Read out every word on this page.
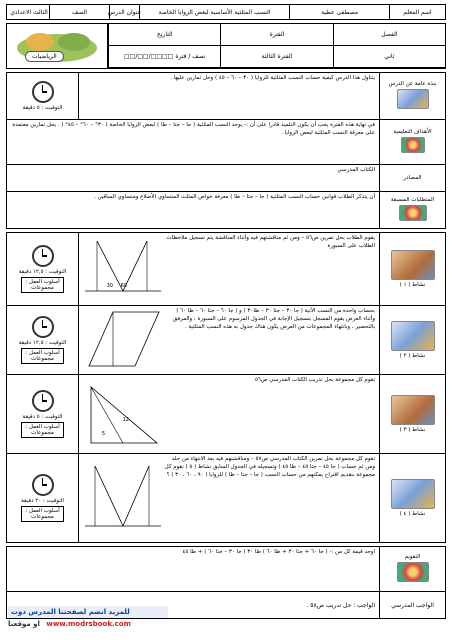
اسم المعلم
مصطفى عطية
النسب المثلثية الأساسية لبعض الزوايا الخاصة
عنوان الدرس
الصف
الثالث الاعدادي
الفصل
الفترة
التاريخ
ثاني
الفترة الثالثة
نصف / فترة

□□□□/□□/□□
الرياضيات
نبذة عامة عن الدرس
يتناول هذا الدرس كيفية حساب النسب المثلثية للزوايا ( ٣٠ – ٦٠ – ٤٥ ) وحل تمارين عليها .
التوقيت : ٥ دقيقة
الأهداف التعليمية
في نهاية هذه الفترة يجب أن يكون التلميذ قادرا على أن :- يوجد النسب المثلثية ( جا – جتا – ظا ) لبعض الزوايا الخاصة ( ٣٠° – ٦٠° – ٤٥° ) . يحل تمارين معتمدة على معرفة النسب المثلثية لبعض الزوايا .
المصادر
الكتاب المدرسي
المتطلبات المسبقة
أن يتذكر الطلاب قوانين حساب النسب المثلثية ( جا – جتا – ظا ) معرفة خواص المثلث المتساوي الأضلاع ومتساوي الساقين .
نشاط ( ١ )
يقوم الطلاب بحل تمرين ص٥٦ – ومن ثم مناقشتهم فيه وأثناء المناقشة يتم تسجيل ملاحظات الطلاب على السبورة
30 60
التوقيت : ١٢,٥ دقيقة
أسلوب العمل :
مجموعات
نشاط ( ٢ )
بحساب واحدة من النسب الآتية ( جا ٣٠ – جتا ٣٠ – ظا٣٠ ) و ( جا ٦٠ – جتا ٦٠ – ظا ٦٠ ) وأثناء العرض يقوم المسجل بتسجيل الإجابة في الجدول المرسوم على السبورة ، والمرفق بالتحضير ، وبانتهاء المجموعات من العرض يكون هناك جدول به هذه النسب المثلثية .
التوقيت : ١٢,٥ دقيقة
أسلوب العمل :
مجموعات
نشاط ( ٣ )
تقوم كل مجموعة بحل تدريب الكتاب المدرسي ص٥٦
5
12
التوقيت : ٥ دقيقة
أسلوب العمل :
مجموعات
نشاط ( ٤ )
تقوم كل مجموعة بحل تمرين الكتاب المدرسي ص٥٧ – ومناقشتهم فيه بعد الانتهاء من حله ومن ثم حساب ( جا ٤٥ – جتا ٤٥ – ظا ٤٥ ) وتسجيله في الجدول السابق نشاط ( ٥ ) نقوم كل مجموعة بتقديم اقتراح يمكنهم من حساب النسب ( جا – جتا – ظا ) للزوايا ( ٩٠ ، ٦٠ ، ٣٠ ) ؟
التوقيت : ٢٠ دقيقة
أسلوب العمل :
مجموعات
التقويم
اوجد قيمة كل من :- ( جا ٦٠ + جتا ٣٠ + ظا ٦٠ ) ظا ٣٠ ( جا ٣٠ – جتا ٦٠ ) + ظا ٤٥
الواجب المدرسي
الواجب : حل تدريب ص٥٨ .
للمزيد انضم لصفحتنا المدرس دوت
او موقعنا www.modrsbook.com
